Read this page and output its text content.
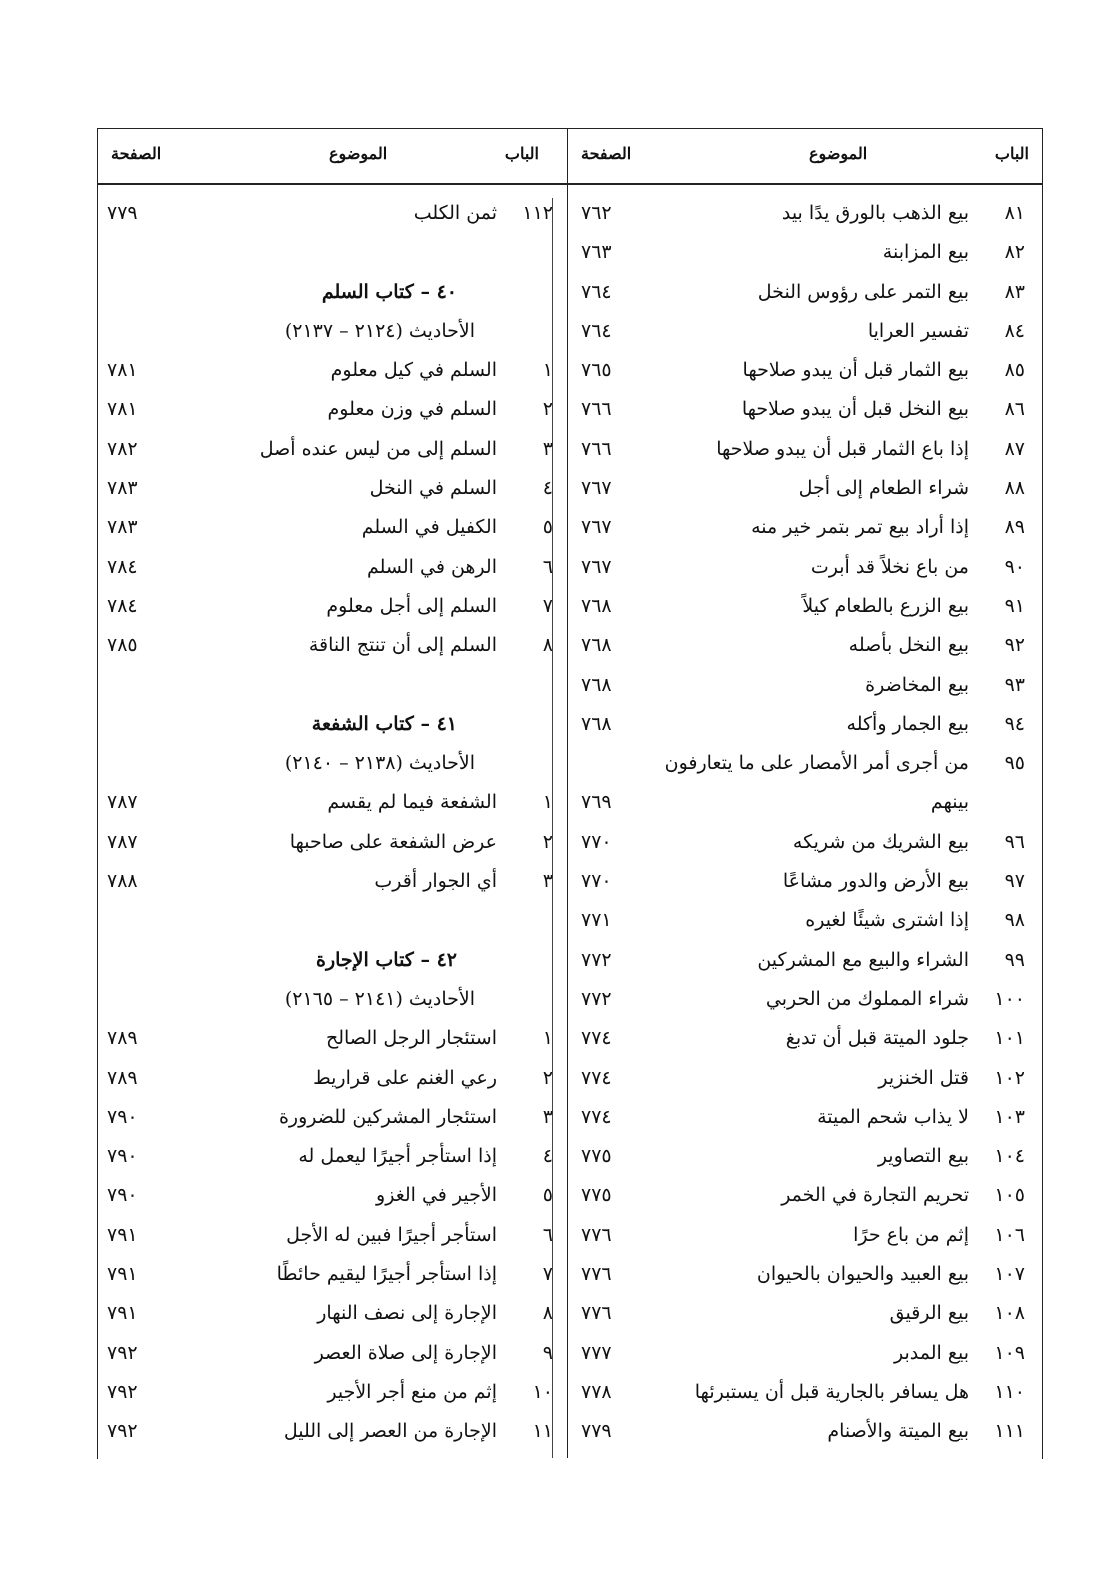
الباب
الموضوع
الصفحة
٨١
بيع الذهب بالورق يدًا بيد
٧٦٢
٨٢
بيع المزابنة
٧٦٣
٨٣
بيع التمر على رؤوس النخل
٧٦٤
٨٤
تفسير العرايا
٧٦٤
٨٥
بيع الثمار قبل أن يبدو صلاحها
٧٦٥
٨٦
بيع النخل قبل أن يبدو صلاحها
٧٦٦
٨٧
إذا باع الثمار قبل أن يبدو صلاحها
٧٦٦
٨٨
شراء الطعام إلى أجل
٧٦٧
٨٩
إذا أراد بيع تمر بتمر خير منه
٧٦٧
٩٠
من باع نخلاً قد أبرت
٧٦٧
٩١
بيع الزرع بالطعام كيلاً
٧٦٨
٩٢
بيع النخل بأصله
٧٦٨
٩٣
بيع المخاضرة
٧٦٨
٩٤
بيع الجمار وأكله
٧٦٨
٩٥
من أجرى أمر الأمصار على ما يتعارفون
بينهم
٧٦٩
٩٦
بيع الشريك من شريكه
٧٧٠
٩٧
بيع الأرض والدور مشاعًا
٧٧٠
٩٨
إذا اشترى شيئًا لغيره
٧٧١
٩٩
الشراء والبيع مع المشركين
٧٧٢
١٠٠
شراء المملوك من الحربي
٧٧٢
١٠١
جلود الميتة قبل أن تدبغ
٧٧٤
١٠٢
قتل الخنزير
٧٧٤
١٠٣
لا يذاب شحم الميتة
٧٧٤
١٠٤
بيع التصاوير
٧٧٥
١٠٥
تحريم التجارة في الخمر
٧٧٥
١٠٦
إثم من باع حرًا
٧٧٦
١٠٧
بيع العبيد والحيوان بالحيوان
٧٧٦
١٠٨
بيع الرقيق
٧٧٦
١٠٩
بيع المدبر
٧٧٧
١١٠
هل يسافر بالجارية قبل أن يستبرئها
٧٧٨
١١١
بيع الميتة والأصنام
٧٧٩
الباب
الموضوع
الصفحة
١١٢
ثمن الكلب
٧٧٩
٤٠ – كتاب السلم
الأحاديث (٢١٢٤ – ٢١٣٧)
١
السلم في كيل معلوم
٧٨١
٢
السلم في وزن معلوم
٧٨١
٣
السلم إلى من ليس عنده أصل
٧٨٢
٤
السلم في النخل
٧٨٣
٥
الكفيل في السلم
٧٨٣
٦
الرهن في السلم
٧٨٤
٧
السلم إلى أجل معلوم
٧٨٤
٨
السلم إلى أن تنتج الناقة
٧٨٥
٤١ – كتاب الشفعة
الأحاديث (٢١٣٨ – ٢١٤٠)
١
الشفعة فيما لم يقسم
٧٨٧
٢
عرض الشفعة على صاحبها
٧٨٧
٣
أي الجوار أقرب
٧٨٨
٤٢ – كتاب الإجارة
الأحاديث (٢١٤١ – ٢١٦٥)
١
استئجار الرجل الصالح
٧٨٩
٢
رعي الغنم على قراريط
٧٨٩
٣
استئجار المشركين للضرورة
٧٩٠
٤
إذا استأجر أجيرًا ليعمل له
٧٩٠
٥
الأجير في الغزو
٧٩٠
٦
استأجر أجيرًا فبين له الأجل
٧٩١
٧
إذا استأجر أجيرًا ليقيم حائطًا
٧٩١
٨
الإجارة إلى نصف النهار
٧٩١
٩
الإجارة إلى صلاة العصر
٧٩٢
١٠
إثم من منع أجر الأجير
٧٩٢
١١
الإجارة من العصر إلى الليل
٧٩٢
